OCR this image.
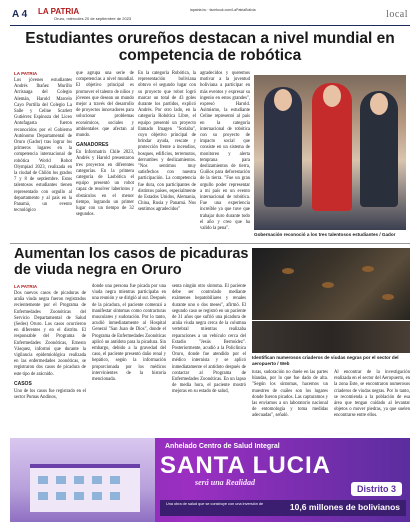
A 4 LA PATRIA
Oruro, miércoles 20 de septiembre de 2023
lapatria.bo · facebook.com/LaPatriaBolivia	local
Estudiantes orureños destacan a nivel mundial en competencia de robótica
LA PATRIA

Los jóvenes estudiantes Andrés Ibañez Murillo Arrisnaga del Colegio Alemán, Harold Marcelo Cayo Portilla del Colegio La Salle y Celine Scarlett Gutiérrez Espinoza del Liceo Antofagasta fueron reconocidos por el Gobierno Autónomo Departamental de Oruro (Gador) tras lograr los primeros lugares en la competencia internacional de robótica World Robot Olympiad 2023, realizada en la ciudad de Chilón los grados 7 y 8 de septiembre. Estos talentosos estudiantes tienen representado con orgullo al departamento y al país en la Panamá, un evento tecnológico

que agrupa una serie de competencias a nivel mundial. El objetivo principal es promover el talento de niños y jóvenes que desean un mundo mejor a través del desarrollo de proyectos innovadores para solucionar problemas económicos, sociales y ambientales que afectan al mundo.

GANADORES

En Informatrix Chile 2023, Andrés y Harold presentaron tres proyectos en diferentes categorías. En la primera categoría de Lasbótica el equipo presentó un robot capaz de resolver laberintos y obstáculos en el menor tiempo, logrando un primer lugar con un tiempo de 32 segundos.

En la categoría Robótica, la representación boliviana obtuvo el segundo lugar con su proyecto que robot logró marcar un total de 43 goles durante los partidos, explicó Andrés. Por otro lado, en la categoría Robótica Libre, el equipo presentó un proyecto llamado Imagen "Soriaba", cuyo objetivo principal de brindar ayuda, rescate y protección frente a incendios, bosques, edificios, terremotos, derrumbes y deslizamientos. "Nos sentimos muy satisfechos con nuestra participación. La competencia fue dura, con participantes de distintos países, especialmente de Estados Unidos, Alemania, China, Rusia y Panamá. Nos sentimos agradecidos"

agradecidos y queremos motivar a la juventud boliviana a participar en más eventos y expresar su ingenio en estos grandes", expresó Harold. Asimismo, la estudiante Celine representó al país en la categoría internacional de robótica con su proyecto de impacto social que consiste en un sistema de monitoreo y alerta temprana para deslizamientos de tierra, Guiños para deforestación de la tierra. "Fue un gran orgullo poder representar a mi país en un evento internacional de robótica. Fue una experiencia increíble ya que tuve que trabajar duro durante todo el año y creo que ha valido la pena".

Gobernación reconoció a los tres talentosos estudiantes / Gador
Aumentan los casos de picaduras de viuda negra en Oruro
LA PATRIA

Dos nuevos casos de picaduras de araña viuda negra fueron registrados recientemente por el Programa de Enfermedades Zoonóticas del Servicio Departamental de Salud (Sedes) Oruro. Los casos ocurrieron en diferentes y en el distrito. El responsable del Programa de Enfermedades Zoonóticas, Ernesto Vásquez, informó que durante la vigilancia epidemiológica realizada en las enfermedades zoonóticas, se registraron dos casos de picadura de este tipo de arácnido.

CASOS

Uno de los casos fue registrado en el sector Pumas Andinos,

donde una persona fue picada por una viuda negra mientras participaba en una reunión y se dirigió al sur. Después de la picadura, el paciente comenzó a manifestar síntomas como contracturas musculares y sudoración. Por lo tanto, acudió inmediatamente al Hospital General "San Juan de Dios", donde el Programa de Enfermedades Zoonóticas aplicó un antídoto para la picadura. Sin embargo, debido a la gravedad del caso, el paciente presentó daño renal y hepático, según la información proporcionada por los médicos intervinientes de la historia mencionada.

senta ningún otro síntoma. El paciente debe ser controlado mediante exámenes hepatobiliares y renales durante uno o dos meses", afirmó. El segundo caso se registró en un paciente de 31 años que sufrió una picadura de araña viuda negra cerca de la columna vertebral mientras realizaba reparaciones a un vehículo cerca del Estadio "Jesús Bermúdez". Posteriormente, acudió a la Policlínica Oruro, donde fue atendido por el médico internista y se aplicó inmediatamente el antídoto después de contactar al Programa de Enfermedades Zoonóticas. En un lapso de media hora, el paciente mostró mejoras en su estado de salud,

Identifican numerosos criaderos de viudas negras por el sector del aeropuerto / Web

turas, sudoración no duele en las partes blandas, por lo que fue dado de alta. "Según los síntomas, hacemos un muestreo de cuáles son los lugares donde fueron picados. Las capturamos y las enviamos a un laboratorio nacional de entomología y toma medidas adecuadas", señaló.

Al encontrar de la investigación realizada en el sector del Aeropuerto, en la zona Este, se encontraron numerosos criaderos de viudas negras. Por lo tanto, se recomienda a la población de esa área que tengan cuidado al levantar objetos o mover piedras, ya que suelen encontrarse entre ellos.

Anhelado Centro de Salud Integral
SANTA LUCIA
será una Realidad
Distrito 3
Una obra de salud que se construye con una inversión de	10,6 millones de bolivianos
